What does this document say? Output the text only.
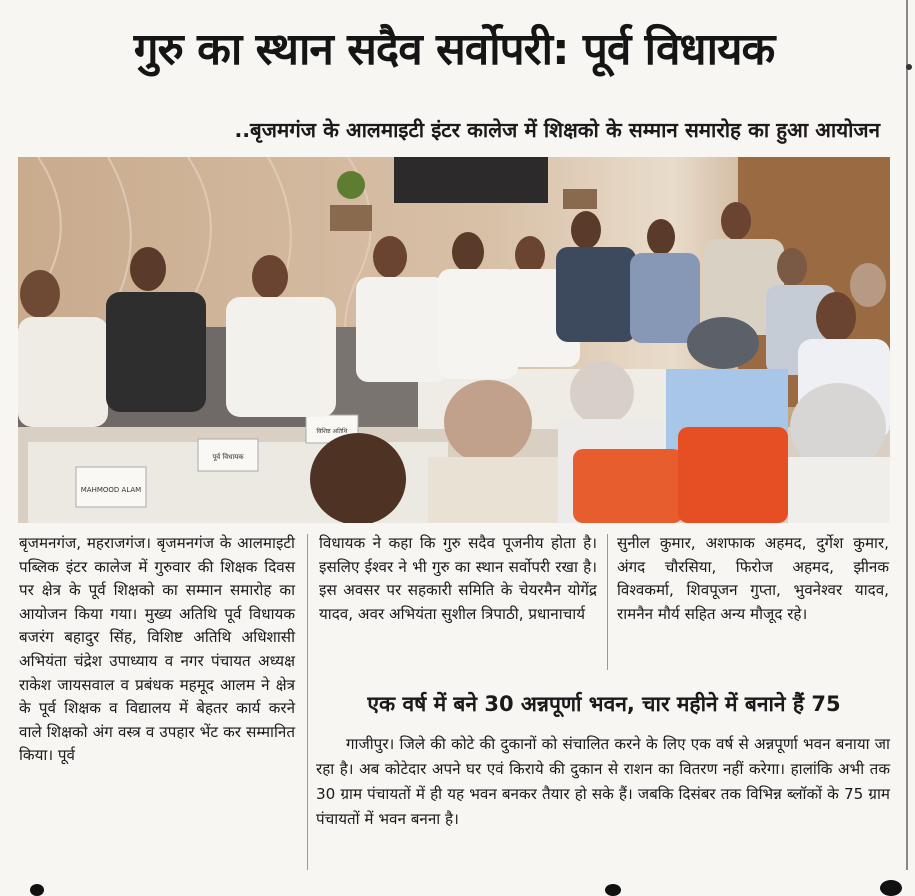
गुरु का स्थान सदैव सर्वोपरी: पूर्व विधायक
..बृजमगंज के आलमाइटी इंटर कालेज में शिक्षको के सम्मान समारोह का हुआ आयोजन
MAHMOOD ALAM
पूर्व विधायक
विशिष्ट अतिथि
बृजमनगंज, महराजगंज। बृजमनगंज के आलमाइटी पब्लिक इंटर कालेज में गुरुवार की शिक्षक दिवस पर क्षेत्र के पूर्व शिक्षको का सम्मान समारोह का आयोजन किया गया। मुख्य अतिथि पूर्व विधायक बजरंग बहादुर सिंह, विशिष्ट अतिथि अधिशासी अभियंता चंद्रेश उपाध्याय व नगर पंचायत अध्यक्ष राकेश जायसवाल व प्रबंधक महमूद आलम ने क्षेत्र के पूर्व शिक्षक व विद्यालय में बेहतर कार्य करने वाले शिक्षको अंग वस्त्र व उपहार भेंट कर सम्मानित किया। पूर्व
विधायक ने कहा कि गुरु सदैव पूजनीय होता है। इसलिए ईश्वर ने भी गुरु का स्थान सर्वोपरी रखा है। इस अवसर पर सहकारी समिति के चेयरमैन योगेंद्र यादव, अवर अभियंता सुशील त्रिपाठी, प्रधानाचार्य
सुनील कुमार, अशफाक अहमद, दुर्गेश कुमार, अंगद चौरसिया, फिरोज अहमद, झीनक विश्वकर्मा, शिवपूजन गुप्ता, भुवनेश्वर यादव, रामनैन मौर्य सहित अन्य मौजूद रहे।
एक वर्ष में बने 30 अन्नपूर्णा भवन, चार महीने में बनाने हैं 75
गाजीपुर। जिले की कोटे की दुकानों को संचालित करने के लिए एक वर्ष से अन्नपूर्णा भवन बनाया जा रहा है। अब कोटेदार अपने घर एवं किराये की दुकान से राशन का वितरण नहीं करेगा। हालांकि अभी तक 30 ग्राम पंचायतों में ही यह भवन बनकर तैयार हो सके हैं। जबकि दिसंबर तक विभिन्न ब्लॉकों के 75 ग्राम पंचायतों में भवन बनना है।
